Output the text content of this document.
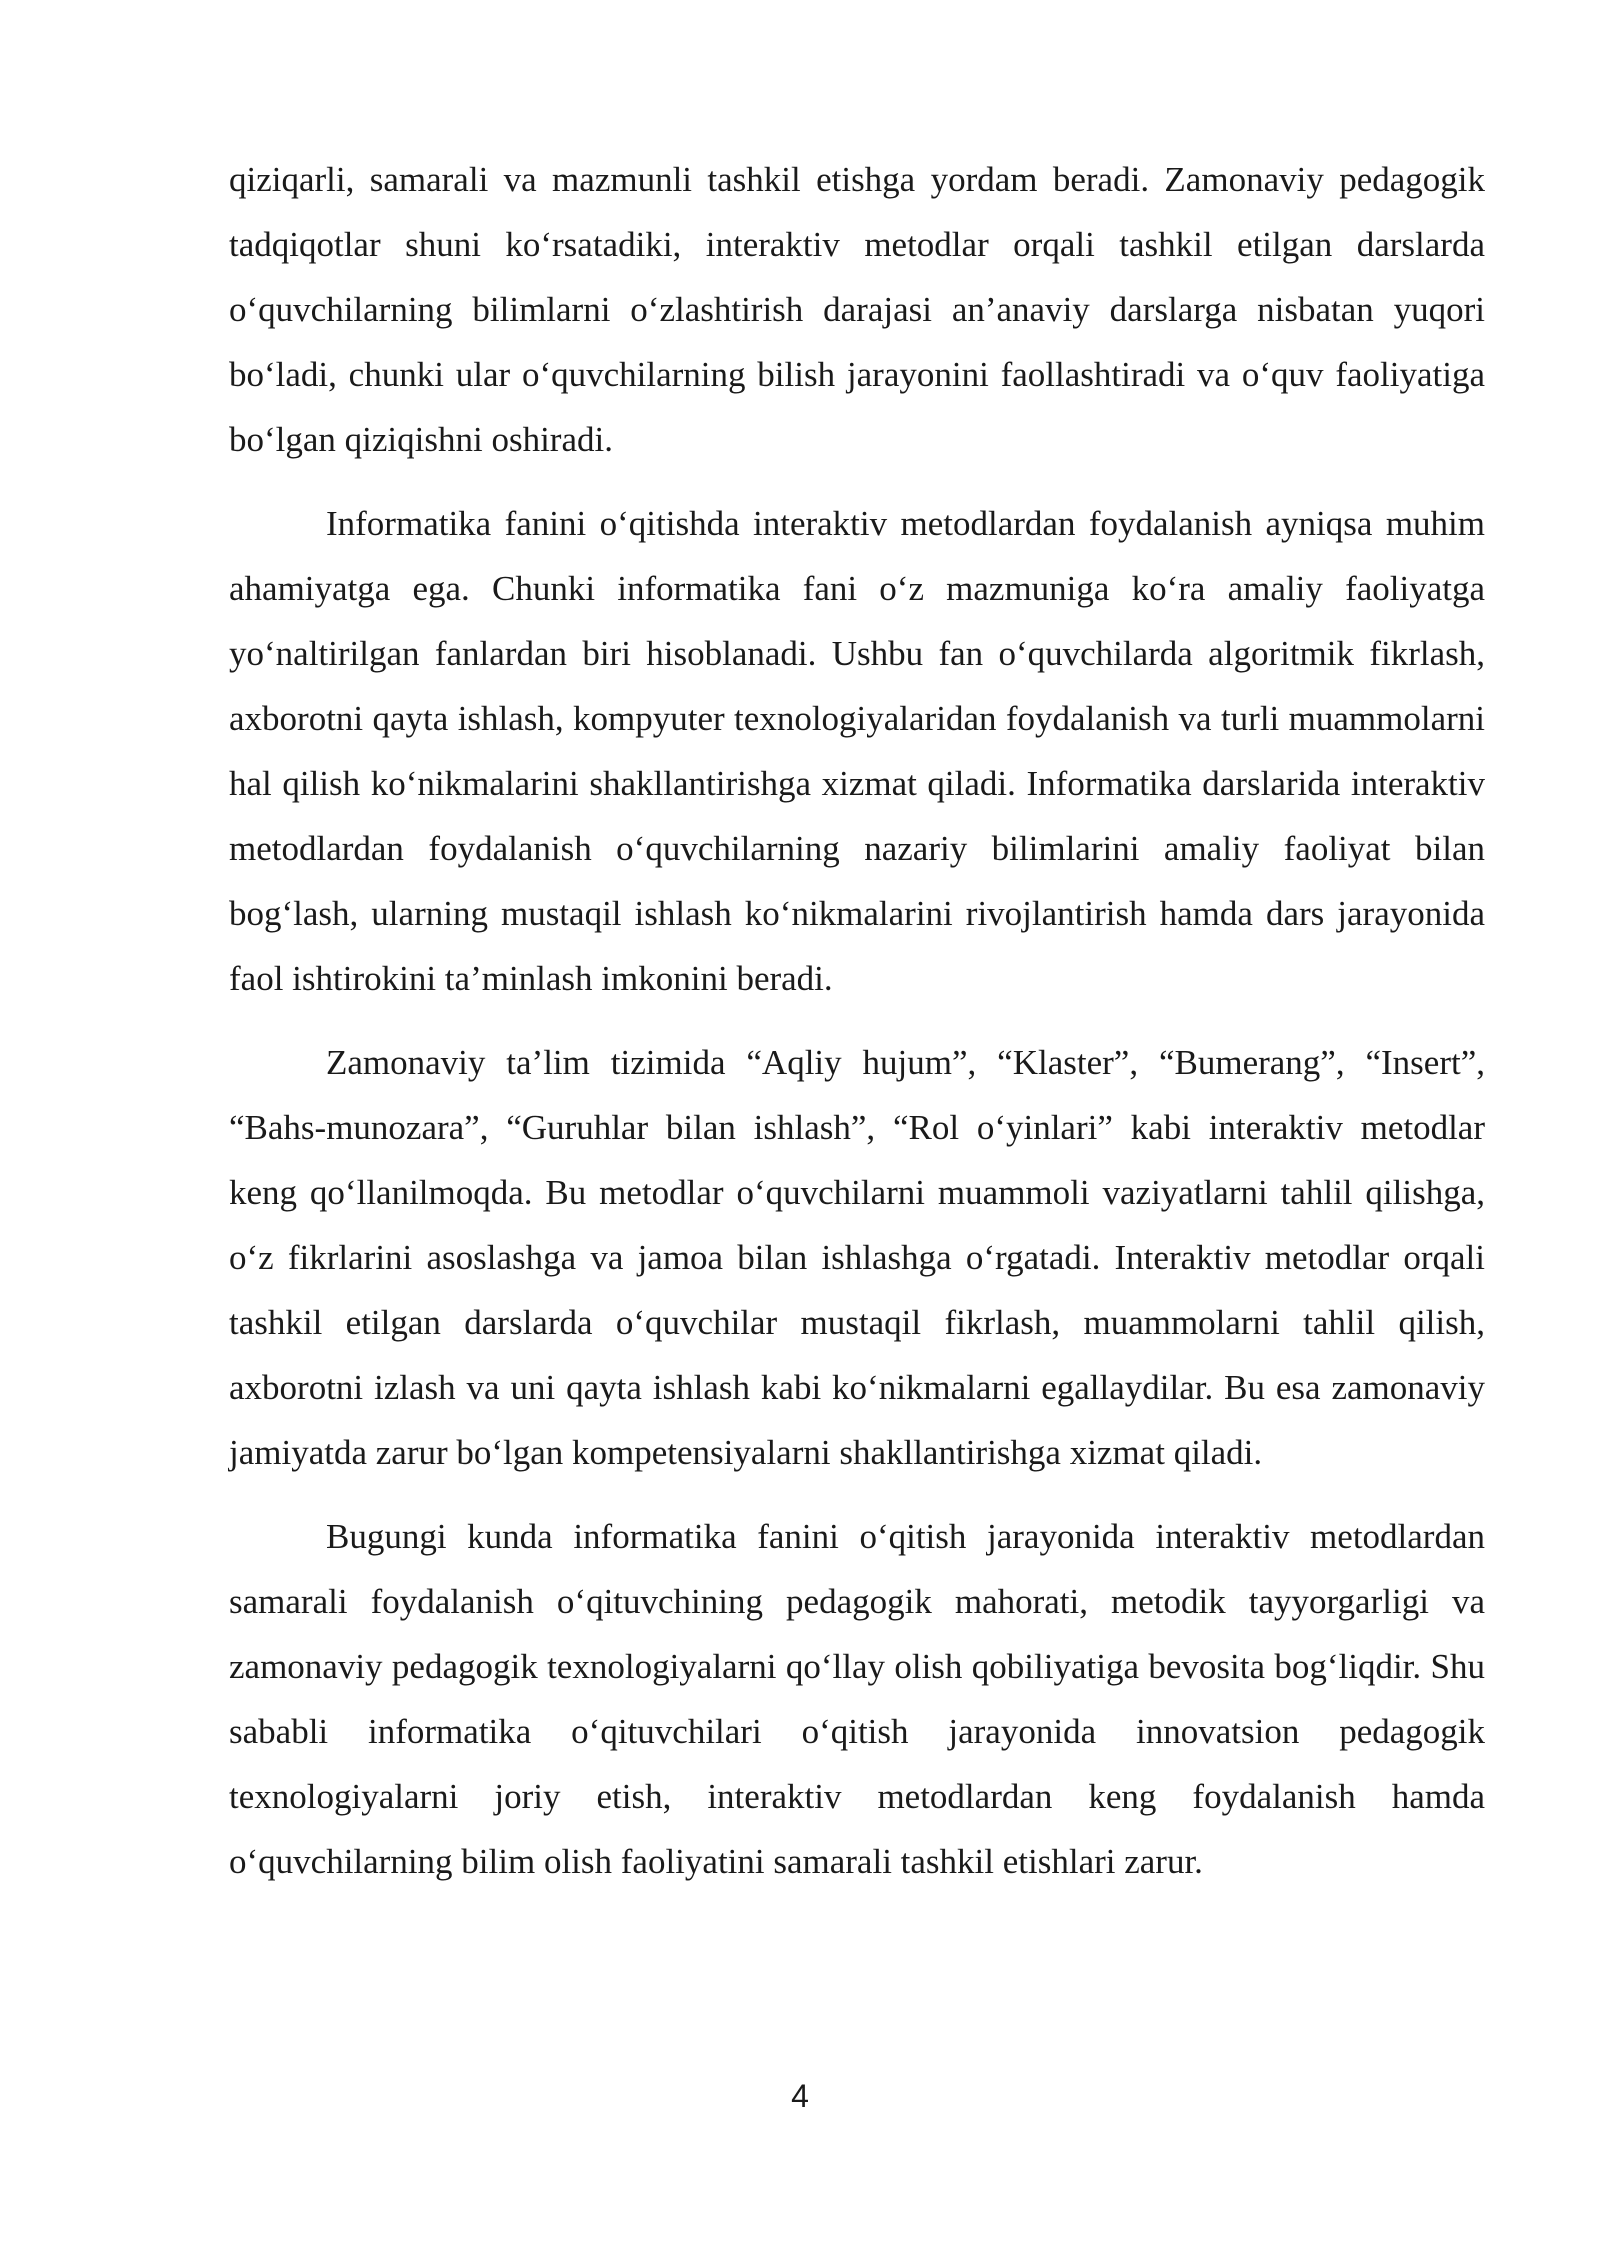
qiziqarli, samarali va mazmunli tashkil etishga yordam beradi. Zamonaviy pedagogik tadqiqotlar shuni ko‘rsatadiki, interaktiv metodlar orqali tashkil etilgan darslarda o‘quvchilarning bilimlarni o‘zlashtirish darajasi an’anaviy darslarga nisbatan yuqori bo‘ladi, chunki ular o‘quvchilarning bilish jarayonini faollashtiradi va o‘quv faoliyatiga bo‘lgan qiziqishni oshiradi.

Informatika fanini o‘qitishda interaktiv metodlardan foydalanish ayniqsa muhim ahamiyatga ega. Chunki informatika fani o‘z mazmuniga ko‘ra amaliy faoliyatga yo‘naltirilgan fanlardan biri hisoblanadi. Ushbu fan o‘quvchilarda algoritmik fikrlash, axborotni qayta ishlash, kompyuter texnologiyalaridan foydalanish va turli muammolarni hal qilish ko‘nikmalarini shakllantirishga xizmat qiladi. Informatika darslarida interaktiv metodlardan foydalanish o‘quvchilarning nazariy bilimlarini amaliy faoliyat bilan bog‘lash, ularning mustaqil ishlash ko‘nikmalarini rivojlantirish hamda dars jarayonida faol ishtirokini ta’minlash imkonini beradi.

Zamonaviy ta’lim tizimida “Aqliy hujum”, “Klaster”, “Bumerang”, “Insert”, “Bahs-munozara”, “Guruhlar bilan ishlash”, “Rol o‘yinlari” kabi interaktiv metodlar keng qo‘llanilmoqda. Bu metodlar o‘quvchilarni muammoli vaziyatlarni tahlil qilishga, o‘z fikrlarini asoslashga va jamoa bilan ishlashga o‘rgatadi. Interaktiv metodlar orqali tashkil etilgan darslarda o‘quvchilar mustaqil fikrlash, muammolarni tahlil qilish, axborotni izlash va uni qayta ishlash kabi ko‘nikmalarni egallaydilar. Bu esa zamonaviy jamiyatda zarur bo‘lgan kompetensiyalarni shakllantirishga xizmat qiladi.

Bugungi kunda informatika fanini o‘qitish jarayonida interaktiv metodlardan samarali foydalanish o‘qituvchining pedagogik mahorati, metodik tayyorgarligi va zamonaviy pedagogik texnologiyalarni qo‘llay olish qobiliyatiga bevosita bog‘liqdir. Shu sababli informatika o‘qituvchilari o‘qitish jarayonida innovatsion pedagogik texnologiyalarni joriy etish, interaktiv metodlardan keng foydalanish hamda o‘quvchilarning bilim olish faoliyatini samarali tashkil etishlari zarur.

4
